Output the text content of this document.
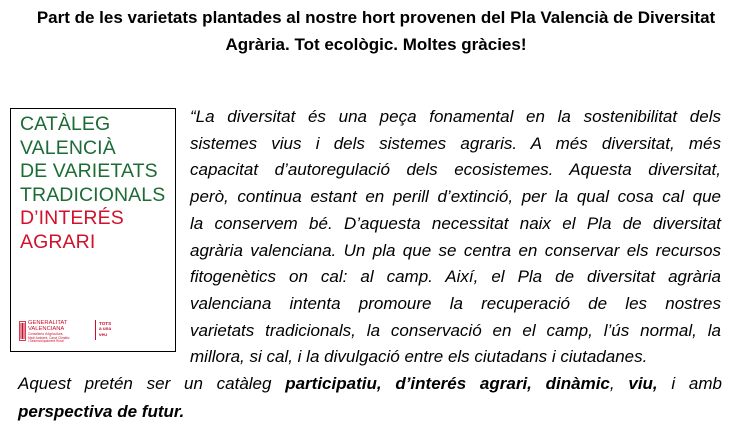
Part de les varietats plantades al nostre hort provenen del Pla Valencià de Diversitat
Agrària. Tot ecològic. Moltes gràcies!
CATÀLEG
VALENCIÀ
DE VARIETATS
TRADICIONALS
D’INTERÉS
AGRARI
GENERALITAT
VALENCIANA
Conselleria d'Agricultura,
Medi Ambient, Canvi Climàtic
i Desenvolupament Rural
TOTS
a una
veu
“La diversitat és una peça fonamental en la sostenibilitat dels
sistemes vius i dels sistemes agraris. A més diversitat, més
capacitat d’autoregulació dels ecosistemes. Aquesta diversitat,
però, continua estant en perill d’extinció, per la qual cosa cal que
la conservem bé. D’aquesta necessitat naix el Pla de diversitat
agrària valenciana. Un pla que se centra en conservar els recursos
fitogenètics on cal: al camp. Així, el Pla de diversitat agrària
valenciana intenta promoure la recuperació de les nostres
varietats tradicionals, la conservació en el camp, l’ús normal, la
millora, si cal, i la divulgació entre els ciutadans i ciutadanes.
Aquest pretén ser un catàleg participatiu, d’interés agrari, dinàmic, viu, i amb
perspectiva de futur.
